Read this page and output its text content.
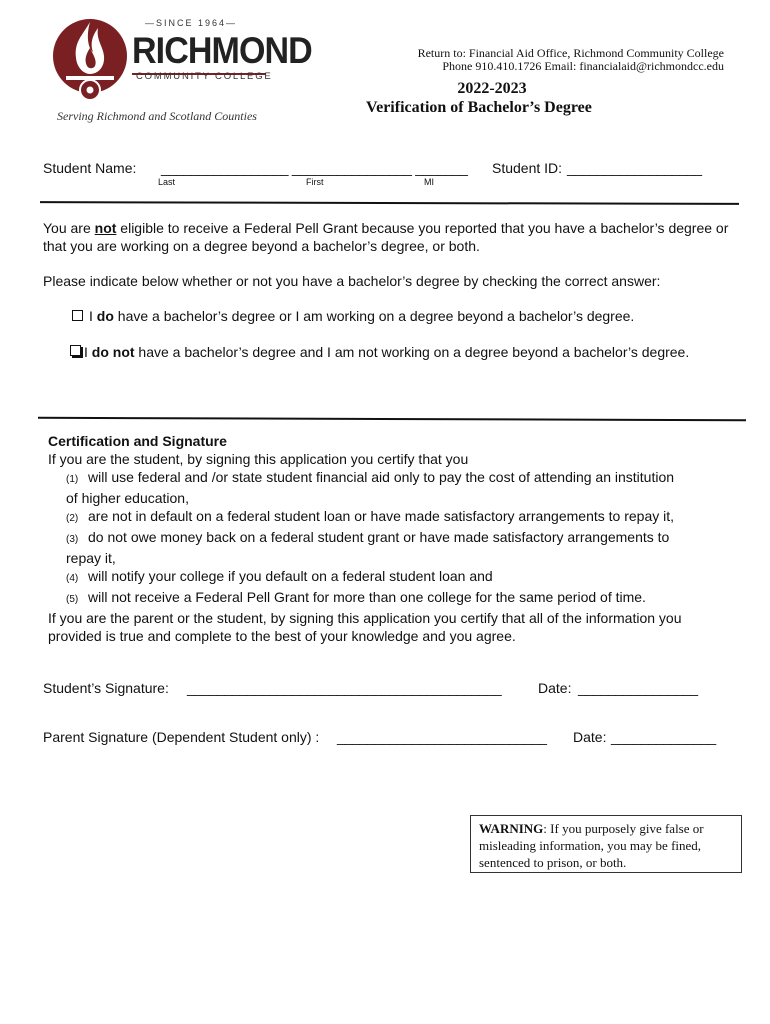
—SINCE 1964—
RICHMOND
COMMUNITY COLLEGE
Serving Richmond and Scotland Counties
Return to: Financial Aid Office, Richmond Community College
Phone 910.410.1726 Email: financialaid@richmondcc.edu
2022-2023
Verification of Bachelor’s Degree
Student Name: _________________ ________________ _______
Last	First	MI
Student ID: __________________

You are not eligible to receive a Federal Pell Grant because you reported that you have a bachelor’s degree or that you are working on a degree beyond a bachelor’s degree, or both.

Please indicate below whether or not you have a bachelor’s degree by checking the correct answer:

I do have a bachelor’s degree or I am working on a degree beyond a bachelor’s degree.
I do not have a bachelor’s degree and I am not working on a degree beyond a bachelor’s degree.
Certification and Signature
If you are the student, by signing this application you certify that you
(1) will use federal and /or state student financial aid only to pay the cost of attending an institution
of higher education,
(2) are not in default on a federal student loan or have made satisfactory arrangements to repay it,
(3) do not owe money back on a federal student grant or have made satisfactory arrangements to
repay it,
(4) will notify your college if you default on a federal student loan and
(5) will not receive a Federal Pell Grant for more than one college for the same period of time.
If you are the parent or the student, by signing this application you certify that all of the information you provided is true and complete to the best of your knowledge and you agree.
Student’s Signature: __________________________________________	Date: ________________
Parent Signature (Dependent Student only) : ____________________________ Date: ______________
WARNING: If you purposely give false or misleading information, you may be fined, sentenced to prison, or both.
